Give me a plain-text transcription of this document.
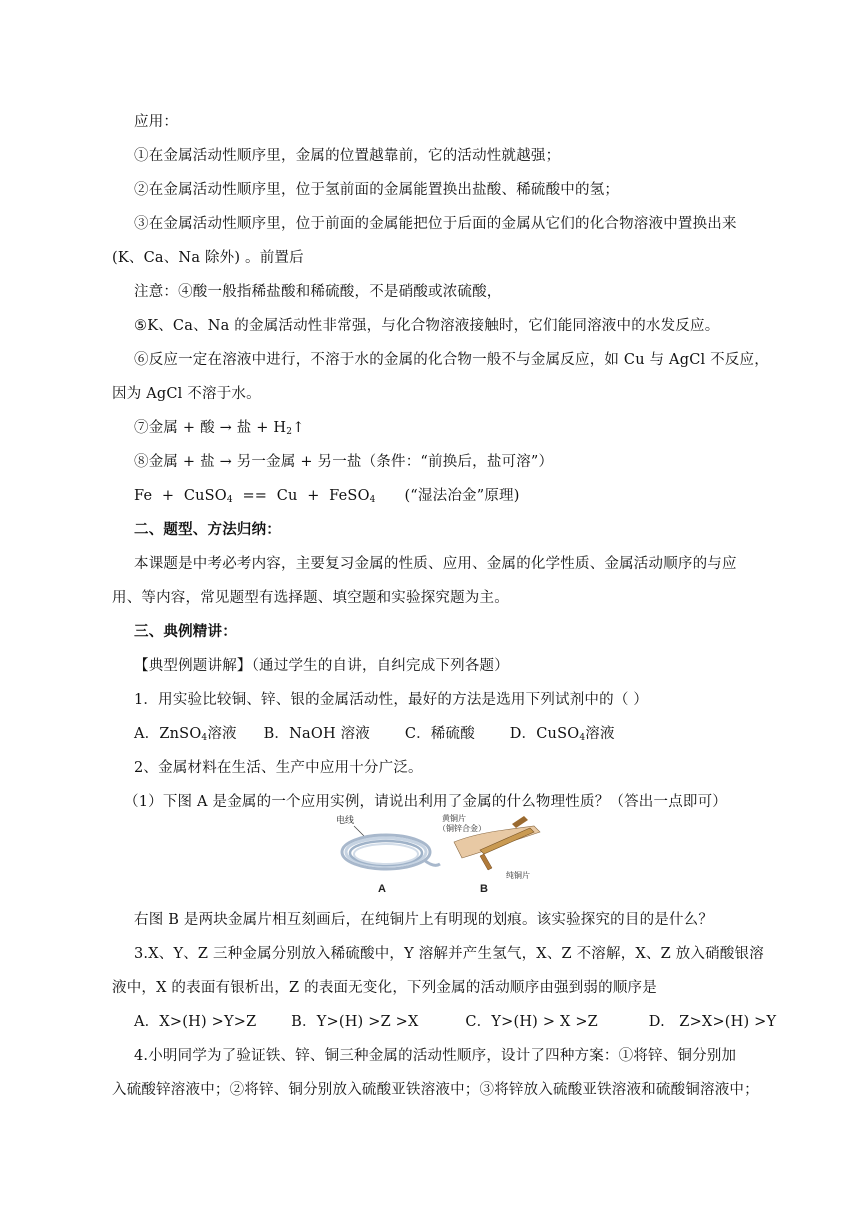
应用：
①在金属活动性顺序里，金属的位置越靠前，它的活动性就越强；
②在金属活动性顺序里，位于氢前面的金属能置换出盐酸、稀硫酸中的氢；
③在金属活动性顺序里，位于前面的金属能把位于后面的金属从它们的化合物溶液中置换出来
(K、Ca、Na 除外) 。前置后
注意：④酸一般指稀盐酸和稀硫酸，不是硝酸或浓硫酸，
⑤K、Ca、Na 的金属活动性非常强，与化合物溶液接触时，它们能同溶液中的水发反应。
⑥反应一定在溶液中进行，不溶于水的金属的化合物一般不与金属反应，如 Cu 与 AgCl 不反应，
因为 AgCl 不溶于水。
⑦金属 + 酸 → 盐 + $H_2↑$
⑧金属 + 盐 → 另一金属 + 另一盐（条件：“前换后，盐可溶”）
Fe  +  CuSO$_4$  ==  Cu  +  FeSO$_4$      (“湿法冶金”原理)
二、题型、方法归纳：
本课题是中考必考内容，主要复习金属的性质、应用、金属的化学性质、金属活动顺序的与应
用、等内容，常见题型有选择题、填空题和实验探究题为主。
三、典例精讲：
【典型例题讲解】（通过学生的自讲，自纠完成下列各题）
1．用实验比较铜、锌、银的金属活动性，最好的方法是选用下列试剂中的（ ）
A．ZnSO$_4$溶液 B．NaOH 溶液 C．稀硫酸 D．CuSO$_4$溶液
2、金属材料在生活、生产中应用十分广泛。
（1）下图 A 是金属的一个应用实例，请说出利用了金属的什么物理性质？（答出一点即可）
电线
A
黄铜片
（铜锌合金）
纯铜片
B
右图 B 是两块金属片相互刻画后，在纯铜片上有明现的划痕。该实验探究的目的是什么？
3.X、Y、Z 三种金属分别放入稀硫酸中，Y 溶解并产生氢气，X、Z 不溶解，X、Z 放入硝酸银溶
液中，X 的表面有银析出，Z 的表面无变化，下列金属的活动顺序由强到弱的顺序是
A．X>(H) >Y>Z B．Y>(H) >Z >X	C．Y>(H) > X >Z	D.   Z>X>(H) >Y
4.小明同学为了验证铁、锌、铜三种金属的活动性顺序，设计了四种方案：①将锌、铜分别加
入硫酸锌溶液中；②将锌、铜分别放入硫酸亚铁溶液中；③将锌放入硫酸亚铁溶液和硫酸铜溶液中；
